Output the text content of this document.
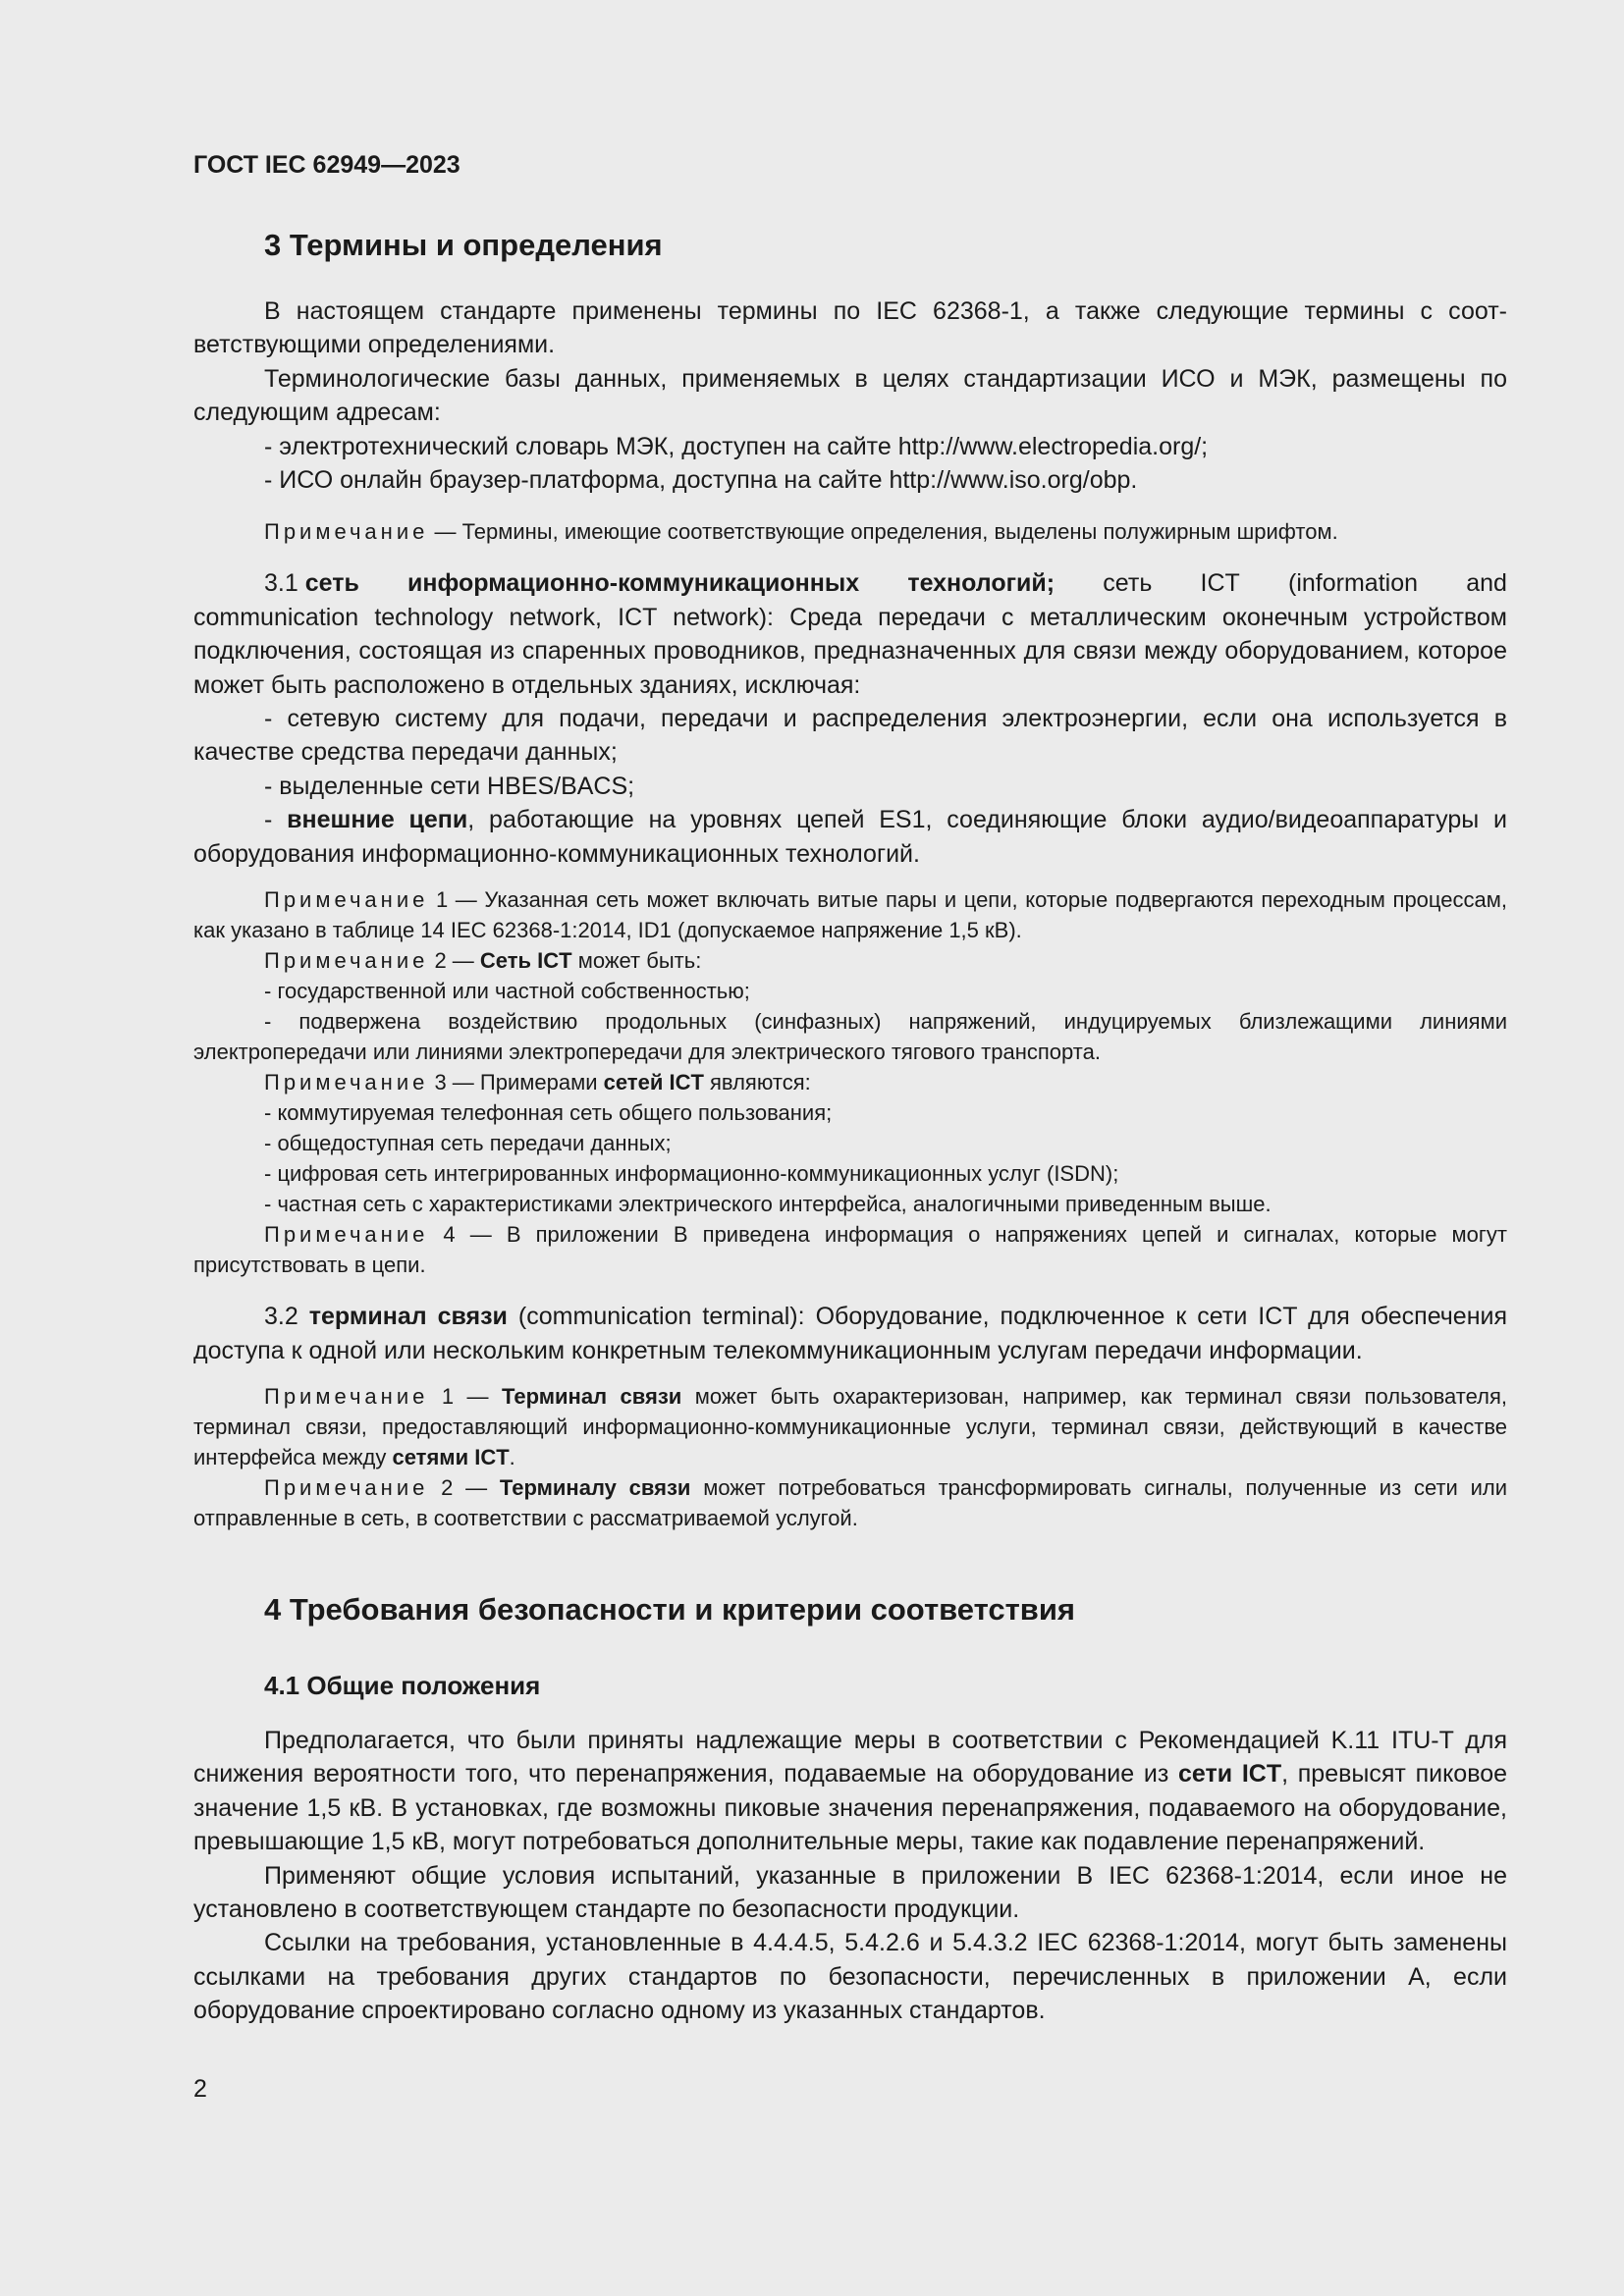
ГОСТ IEC 62949—2023
3 Термины и определения

В настоящем стандарте применены термины по IEC 62368-1, а также следующие термины с соответствующими определениями.

Терминологические базы данных, применяемых в целях стандартизации ИСО и МЭК, размещены по следующим адресам:

- электротехнический словарь МЭК, доступен на сайте http://www.electropedia.org/;

- ИСО онлайн браузер-платформа, доступна на сайте http://www.iso.org/obp.

Примечание — Термины, имеющие соответствующие определения, выделены полужирным шрифтом.

3.1 сеть информационно-коммуникационных технологий; сеть ICT (information and

communication technology network, ICT network): Среда передачи с металлическим оконечным устройством подключения, состоящая из спаренных проводников, предназначенных для связи между оборудованием, которое может быть расположено в отдельных зданиях, исключая:

- сетевую систему для подачи, передачи и распределения электроэнергии, если она используется в качестве средства передачи данных;

- выделенные сети HBES/BACS;

- внешние цепи, работающие на уровнях цепей ES1, соединяющие блоки аудио/видеоаппаратуры и оборудования информационно-коммуникационных технологий.

Примечание 1 — Указанная сеть может включать витые пары и цепи, которые подвергаются переходным процессам, как указано в таблице 14 IEC 62368-1:2014, ID1 (допускаемое напряжение 1,5 кВ).

Примечание 2 — Сеть ICT может быть:

- государственной или частной собственностью;

- подвержена воздействию продольных (синфазных) напряжений, индуцируемых близлежащими линиями электропередачи или линиями электропередачи для электрического тягового транспорта.

Примечание 3 — Примерами сетей ICT являются:

- коммутируемая телефонная сеть общего пользования;

- общедоступная сеть передачи данных;

- цифровая сеть интегрированных информационно-коммуникационных услуг (ISDN);

- частная сеть с характеристиками электрического интерфейса, аналогичными приведенным выше.

Примечание 4 — В приложении B приведена информация о напряжениях цепей и сигналах, которые могут присутствовать в цепи.

3.2 терминал связи (communication terminal): Оборудование, подключенное к сети ICT для обеспечения доступа к одной или нескольким конкретным телекоммуникационным услугам передачи информации.

Примечание 1 — Терминал связи может быть охарактеризован, например, как терминал связи пользователя, терминал связи, предоставляющий информационно-коммуникационные услуги, терминал связи, действующий в качестве интерфейса между сетями ICT.

Примечание 2 — Терминалу связи может потребоваться трансформировать сигналы, полученные из сети или отправленные в сеть, в соответствии с рассматриваемой услугой.

4 Требования безопасности и критерии соответствия
4.1 Общие положения

Предполагается, что были приняты надлежащие меры в соответствии с Рекомендацией K.11 ITU-T для снижения вероятности того, что перенапряжения, подаваемые на оборудование из сети ICT, превысят пиковое значение 1,5 кВ. В установках, где возможны пиковые значения перенапряжения, подаваемого на оборудование, превышающие 1,5 кВ, могут потребоваться дополнительные меры, такие как подавление перенапряжений.

Применяют общие условия испытаний, указанные в приложении B IEC 62368-1:2014, если иное не установлено в соответствующем стандарте по безопасности продукции.

Ссылки на требования, установленные в 4.4.4.5, 5.4.2.6 и 5.4.3.2 IEC 62368-1:2014, могут быть заменены ссылками на требования других стандартов по безопасности, перечисленных в приложении А, если оборудование спроектировано согласно одному из указанных стандартов.

2
